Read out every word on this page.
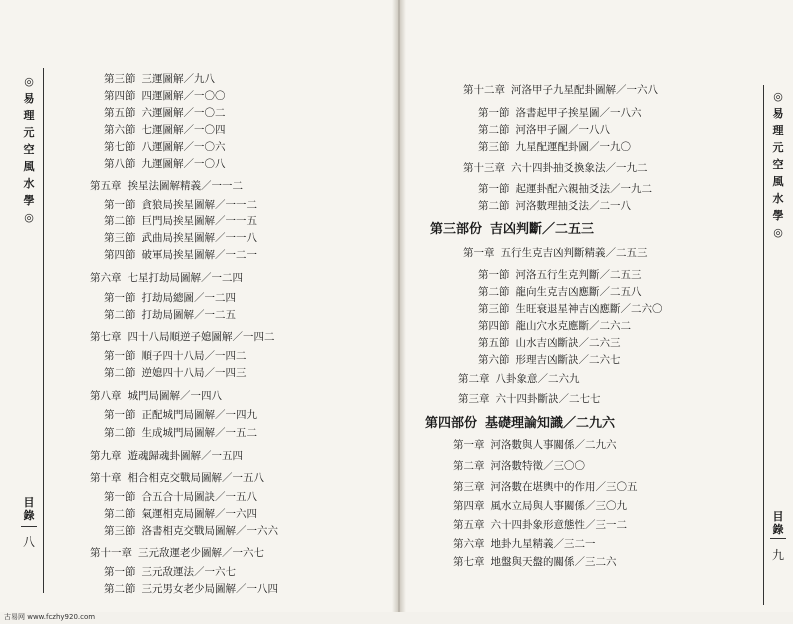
◎易理元空風水學◎
目錄
八
◎易理元空風水學◎
目錄
九
第三節 三運圖解／九八
第四節 四運圖解／一〇〇
第五節 六運圖解／一〇二
第六節 七運圖解／一〇四
第七節 八運圖解／一〇六
第八節 九運圖解／一〇八
第五章 挨星法圖解精義／一一二
第一節 貪狼局挨星圖解／一一二
第二節 巨門局挨星圖解／一一五
第三節 武曲局挨星圖解／一一八
第四節 破軍局挨星圖解／一二一
第六章 七星打劫局圖解／一二四
第一節 打劫局總圖／一二四
第二節 打劫局圖解／一二五
第七章 四十八局順逆子媳圖解／一四二
第一節 順子四十八局／一四二
第二節 逆媳四十八局／一四三
第八章 城門局圖解／一四八
第一節 正配城門局圖解／一四九
第二節 生成城門局圖解／一五二
第九章 遊魂歸魂卦圖解／一五四
第十章 相合相克交戰局圖解／一五八
第一節 合五合十局圖訣／一五八
第二節 氣運相克局圖解／一六四
第三節 洛書相克交戰局圖解／一六六
第十一章 三元敌運老少圖解／一六七
第一節 三元敌運法／一六七
第二節 三元男女老少局圖解／一八四
第十二章 河洛甲子九星配卦圖解／一六八
第一節 洛書起甲子挨星圖／一八六
第二節 河洛甲子圖／一八八
第三節 九星配運配卦圖／一九〇
第十三章 六十四卦抽爻換象法／一九二
第一節 起運卦配六親抽爻法／一九二
第二節 河洛數理抽爻法／二一八
第三部份 吉凶判斷／二五三
第一章 五行生克吉凶判斷精義／二五三
第一節 河洛五行生克判斷／二五三
第二節 龍向生克吉凶應斷／二五八
第三節 生旺衰退星神吉凶應斷／二六〇
第四節 龍山穴水克應斷／二六二
第五節 山水吉凶斷訣／二六三
第六節 形理吉凶斷訣／二六七
第二章 八卦象意／二六九
第三章 六十四卦斷訣／二七七
第四部份 基礎理論知識／二九六
第一章 河洛數與人事關係／二九六
第二章 河洛數特徵／三〇〇
第三章 河洛數在堪輿中的作用／三〇五
第四章 風水立局與人事關係／三〇九
第五章 六十四卦象形意態性／三一二
第六章 地卦九星精義／三二一
第七章 地盤與天盤的關係／三二六
古易网 www.fczhy920.com
